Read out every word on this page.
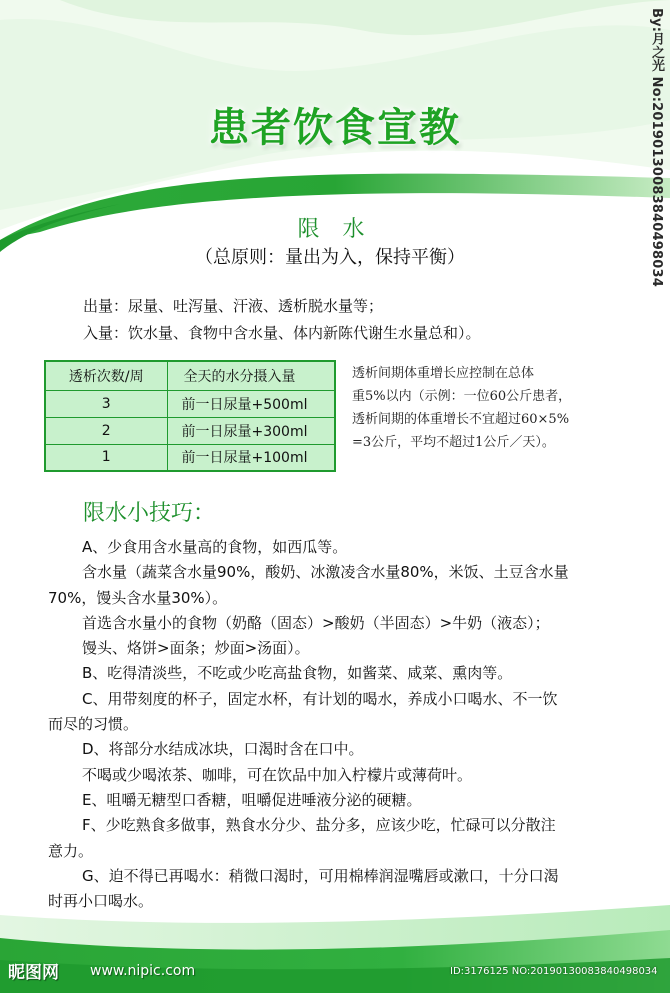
患者饮食宣教
限 水
（总原则：量出为入，保持平衡）
出量：尿量、吐泻量、汗液、透析脱水量等；
入量：饮水量、食物中含水量、体内新陈代谢生水量总和）。
透析次数/周	全天的水分摄入量
3	前一日尿量+500ml
2	前一日尿量+300ml
1	前一日尿量+100ml
透析间期体重增长应控制在总体
重5%以内（示例：一位60公斤患者，
透析间期的体重增长不宜超过60×5%
=3公斤，平均不超过1公斤／天）。
限水小技巧：
A、少食用含水量高的食物，如西瓜等。
含水量（蔬菜含水量90%，酸奶、冰激凌含水量80%，米饭、土豆含水量
70%，馒头含水量30%）。
首选含水量小的食物（奶酪（固态）>酸奶（半固态）>牛奶（液态）；
馒头、烙饼>面条；炒面>汤面）。
B、吃得清淡些，不吃或少吃高盐食物，如酱菜、咸菜、熏肉等。
C、用带刻度的杯子，固定水杯，有计划的喝水，养成小口喝水、不一饮
而尽的习惯。
D、将部分水结成冰块，口渴时含在口中。
不喝或少喝浓茶、咖啡，可在饮品中加入柠檬片或薄荷叶。
E、咀嚼无糖型口香糖，咀嚼促进唾液分泌的硬糖。
F、少吃熟食多做事，熟食水分少、盐分多，应该少吃，忙碌可以分散注
意力。
G、迫不得已再喝水：稍微口渴时，可用棉棒润湿嘴唇或漱口，十分口渴
时再小口喝水。
By:月之光 No:20190130083840498034
昵图网 www.nipic.com	ID:3176125 NO:20190130083840498034
